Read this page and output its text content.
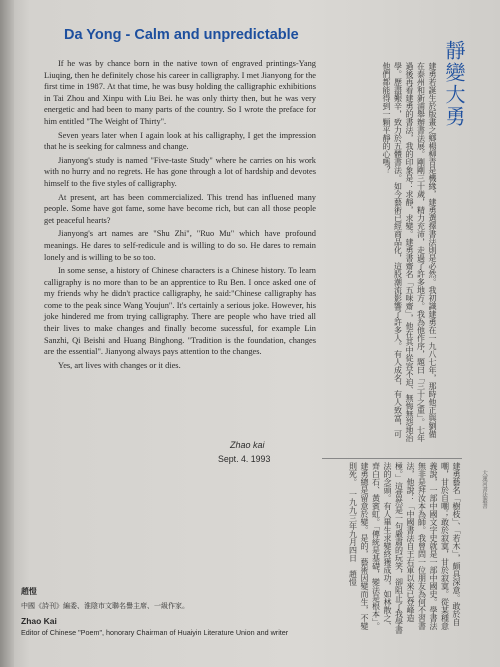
Da Yong - Calm and unpredictable

If he was by chance born in the native town of engraved printings-Yang Liuqing, then he definitely chose his career in calligraphy. I met Jianyong for the first time in 1987. At that time, he was busy holding the calligraphic exhibitions in Tai Zhou and Xinpu with Liu Bei. he was only thirty then, but he was very energetic and had been to many parts of the country. So I wrote the preface for him entitled "The Weight of Thirty".

Seven years later when I again look at his calligraphy, I get the impression that he is seeking for calmness and change.

Jianyong's study is named "Five-taste Study" where he carries on his work with no hurry and no regrets. He has gone through a lot of hardship and devotes himself to the five styles of calligraphy.

At present, art has been commercialized. This trend has influened many people. Some have got fame, some have become rich, but can all those people get peaceful hearts?

Jianyong's art names are "Shu Zhi", "Ruo Mu" which have profound meanings. He dares to self-redicule and is willing to do so. He dares to remain lonely and is willing to be so too.

In some sense, a history of Chinese characters is a Chinese history. To learn calligraphy is no more than to be an apprentice to Ru Ben. I once asked one of my friends why he didn't practice calligraphy, he said:"Chinese calligraphy has come to the peak since Wang Youjun". It's certainly a serious joke. However, his joke hindered me from trying calligraphy. There are people who have tried all their lives to make changes and finally become sucessful, for example Lin Sanzhi, Qi Beishi and Huang Binghong. "Tradition is the foundation, changes are the essential". Jianyong always pays attention to the changes.

Yes, art lives with changes or it dies.

Zhao kai
Sept. 4. 1993
靜變大勇
建勇若誕生於版畫之鄉楊柳青是機緣，建勇選擇書法則是必然。我初識建勇在一九八七年，那時他正與劉備在泰州和新浦舉辦書法展。剛剛三十歲，精力充沛，走過了許多地方。我為他作序，題曰「三十之重」。七年過後再看建勇的書法，我的印象是：求靜，求變。建勇書齋名「五味齋」，他在其中從容不迫、無悔無怨地治學。歷盡艱辛，致力於五體書法。如今藝術已經商品化，這股潮流影響了許多人。有人成名，有人致富，可他們都能得到一顆平靜的心嗎？
建勇藝名「樹枝」、「若木」，頗具深意。敢於自嘲，甘於自嘲；敢於寂寞，甘於寂寞。從某種意義說，一部中國文字史就是一部中國史。學書法無非是拜汝本為師。我曾問一位朋友為何不習書法，他說：「中國書法自王右軍以來已登峰造極。」這當然是一句嚴肅的玩笑，卻阻止了我學書法的念頭。有人畢生求變終獲成功，如林散之、齊白石、黃賓虹。「傳統是基礎，變法是根本」。建勇總是留意於變。是的，藝術因變而生，不變則死。　一九九三年九月四日　趙愷
大運河書法叢書
趙愷
中國《詩刊》編委、淮陰市文聯名譽主席、一級作家。
Zhao Kai
Editor of Chinese "Poem", honorary Chairman of Huaiyin Literature Union and writer
